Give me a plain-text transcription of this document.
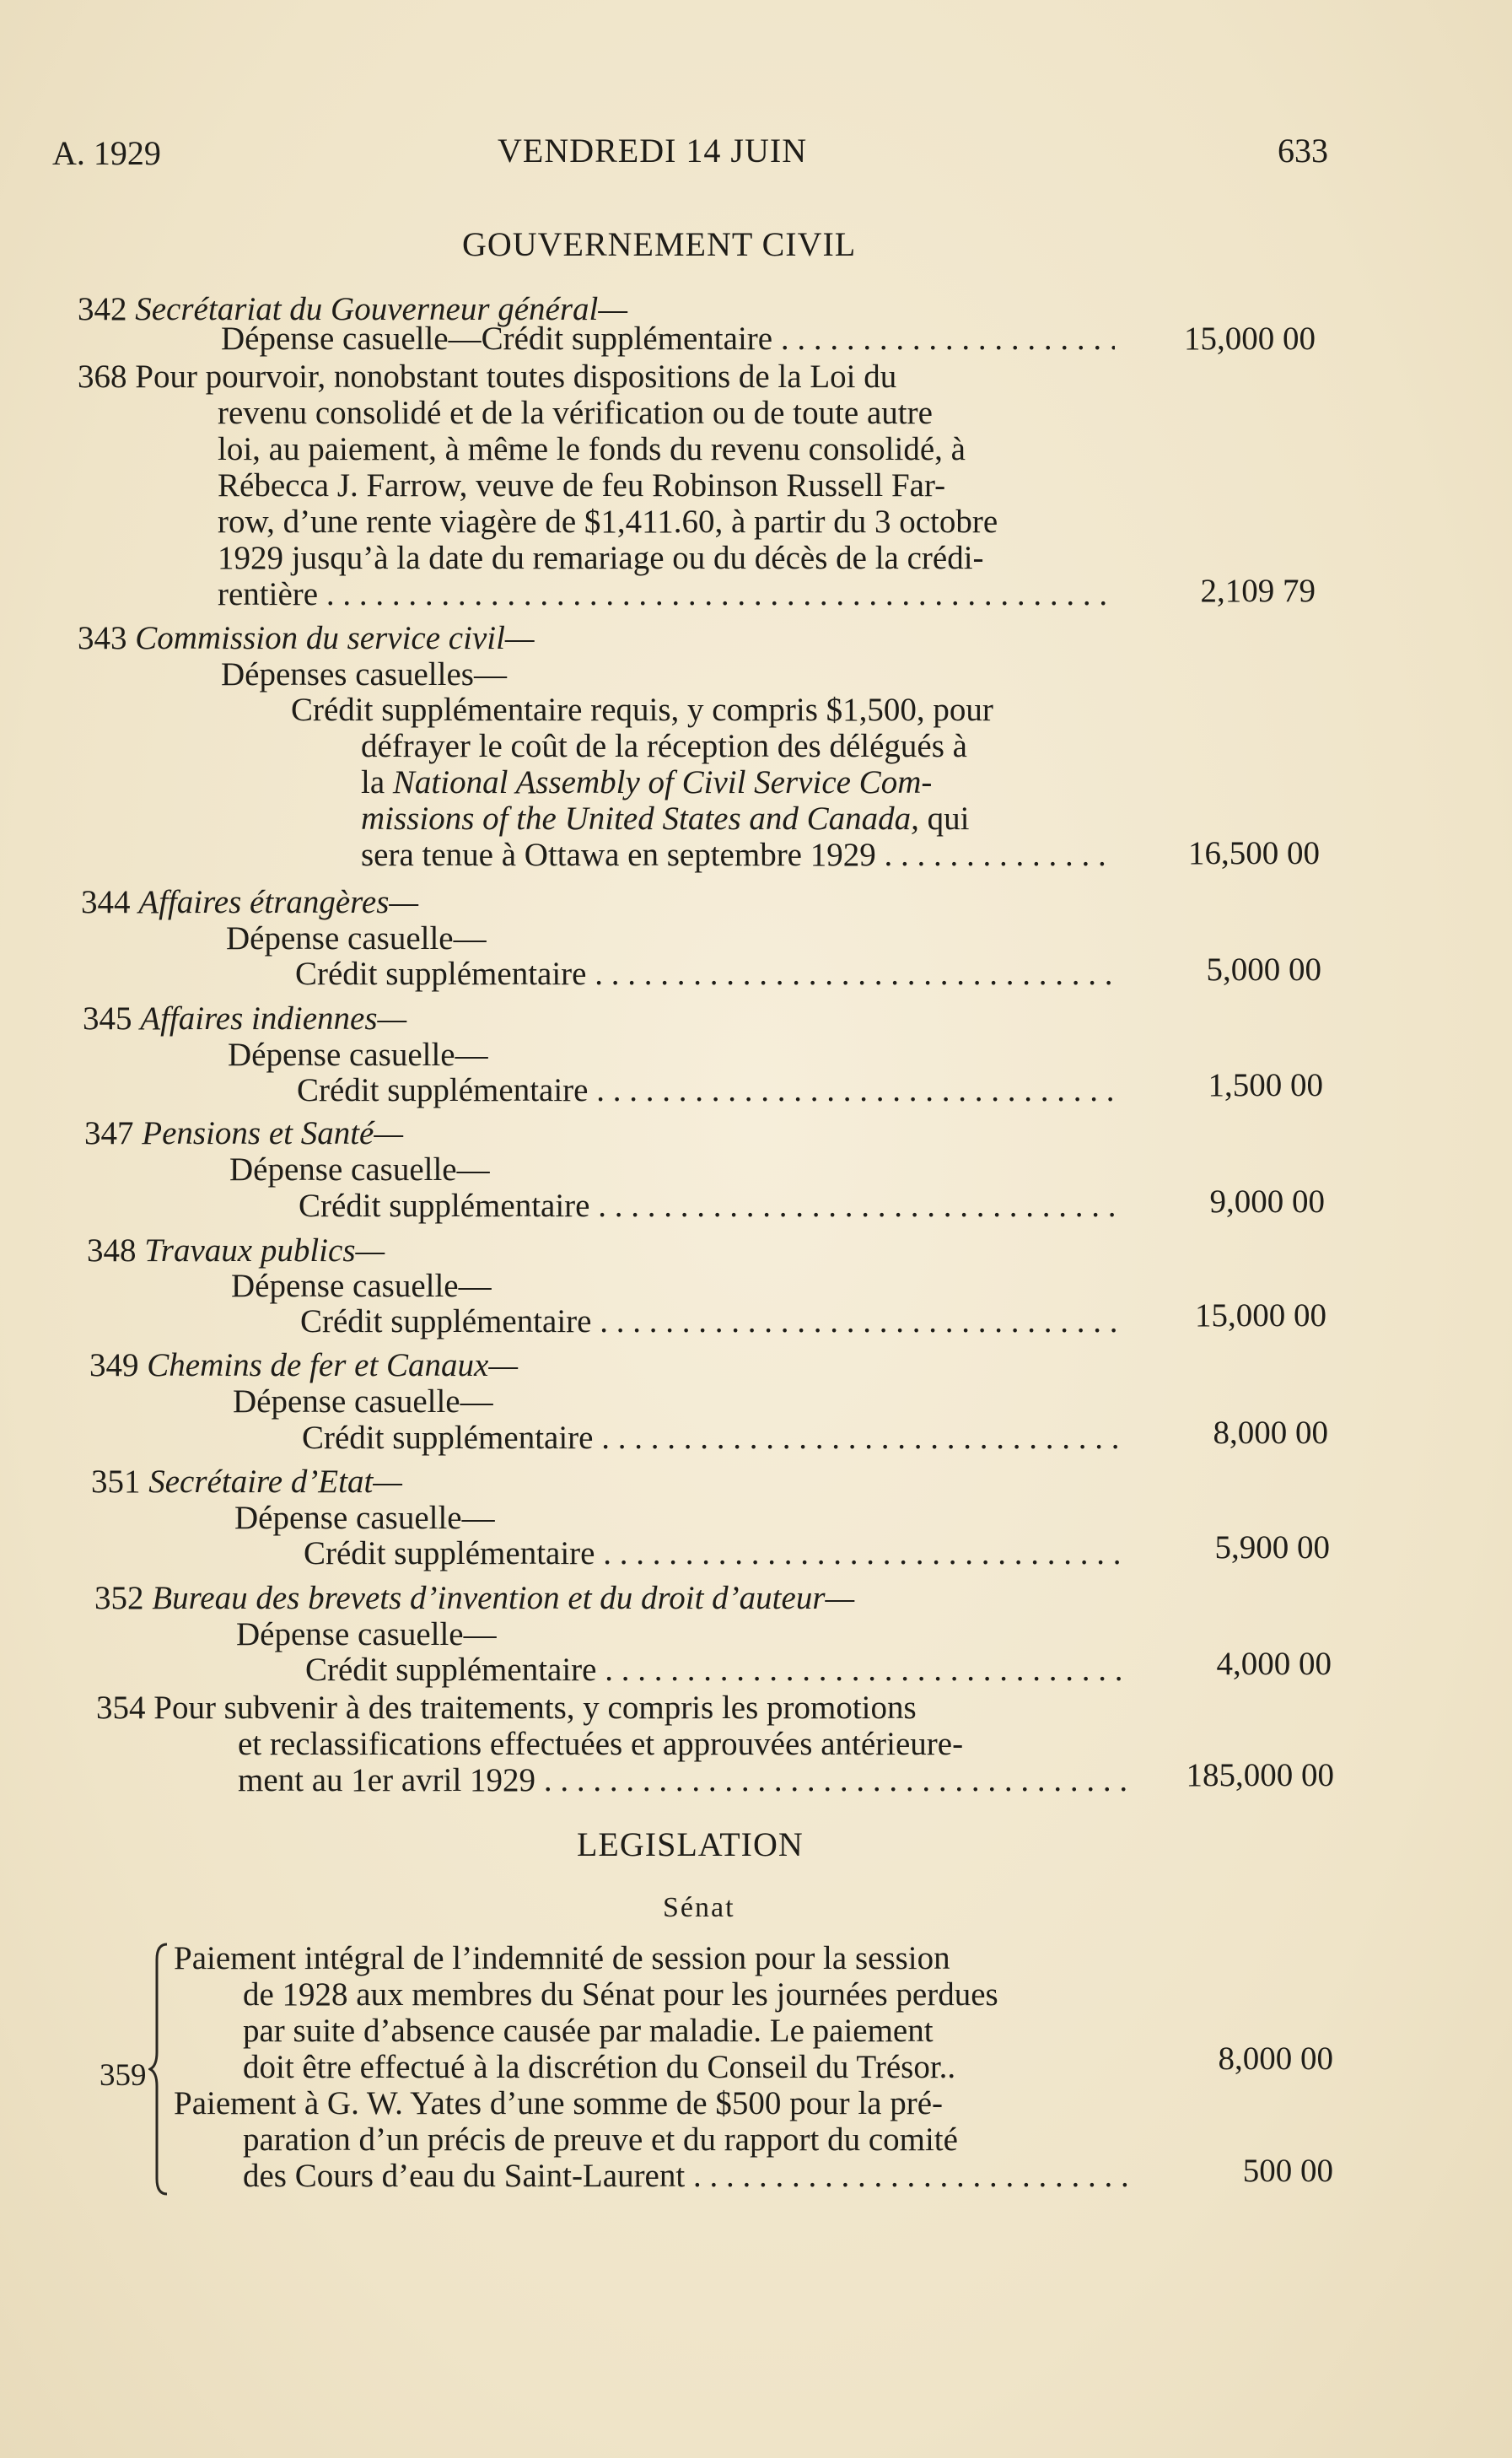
A. 1929	VENDREDI 14 JUIN	633
GOUVERNEMENT CIVIL
342 Secrétariat du Gouverneur général—
Dépense casuelle—Crédit supplémentaire . . .	15,000 00
368 Pour pourvoir, nonobstant toutes dispositions de la Loi du
revenu consolidé et de la vérification ou de toute autre
loi, au paiement, à même le fonds du revenu consolidé, à
Rébecca J. Farrow, veuve de feu Robinson Russell Far-
row, d’une rente viagère de $1,411.60, à partir du 3 octobre
1929 jusqu’à la date du remariage ou du décès de la crédi-
rentière . . .	2,109 79
343 Commission du service civil—
Dépenses casuelles—
Crédit supplémentaire requis, y compris $1,500, pour
défrayer le coût de la réception des délégués à
la National Assembly of Civil Service Com-
missions of the United States and Canada, qui
sera tenue à Ottawa en septembre 1929 . . .	16,500 00
344 Affaires étrangères—
Dépense casuelle—
Crédit supplémentaire . . .	5,000 00
345 Affaires indiennes—
Dépense casuelle—
Crédit supplémentaire . . .	1,500 00
347 Pensions et Santé—
Dépense casuelle—
Crédit supplémentaire . . .	9,000 00
348 Travaux publics—
Dépense casuelle—
Crédit supplémentaire . . .	15,000 00
349 Chemins de fer et Canaux—
Dépense casuelle—
Crédit supplémentaire . . .	8,000 00
351 Secrétaire d’Etat—
Dépense casuelle—
Crédit supplémentaire . . .	5,900 00
352 Bureau des brevets d’invention et du droit d’auteur—
Dépense casuelle—
Crédit supplémentaire . . .	4,000 00
354 Pour subvenir à des traitements, y compris les promotions
et reclassifications effectuées et approuvées antérieure-
ment au 1er avril 1929 . . .	185,000 00
LEGISLATION
Sénat
359
Paiement intégral de l’indemnité de session pour la session
de 1928 aux membres du Sénat pour les journées perdues
par suite d’absence causée par maladie. Le paiement
doit être effectué à la discrétion du Conseil du Trésor..	8,000 00
Paiement à G. W. Yates d’une somme de $500 pour la pré-
paration d’un précis de preuve et du rapport du comité
des Cours d’eau du Saint-Laurent . . .	500 00
